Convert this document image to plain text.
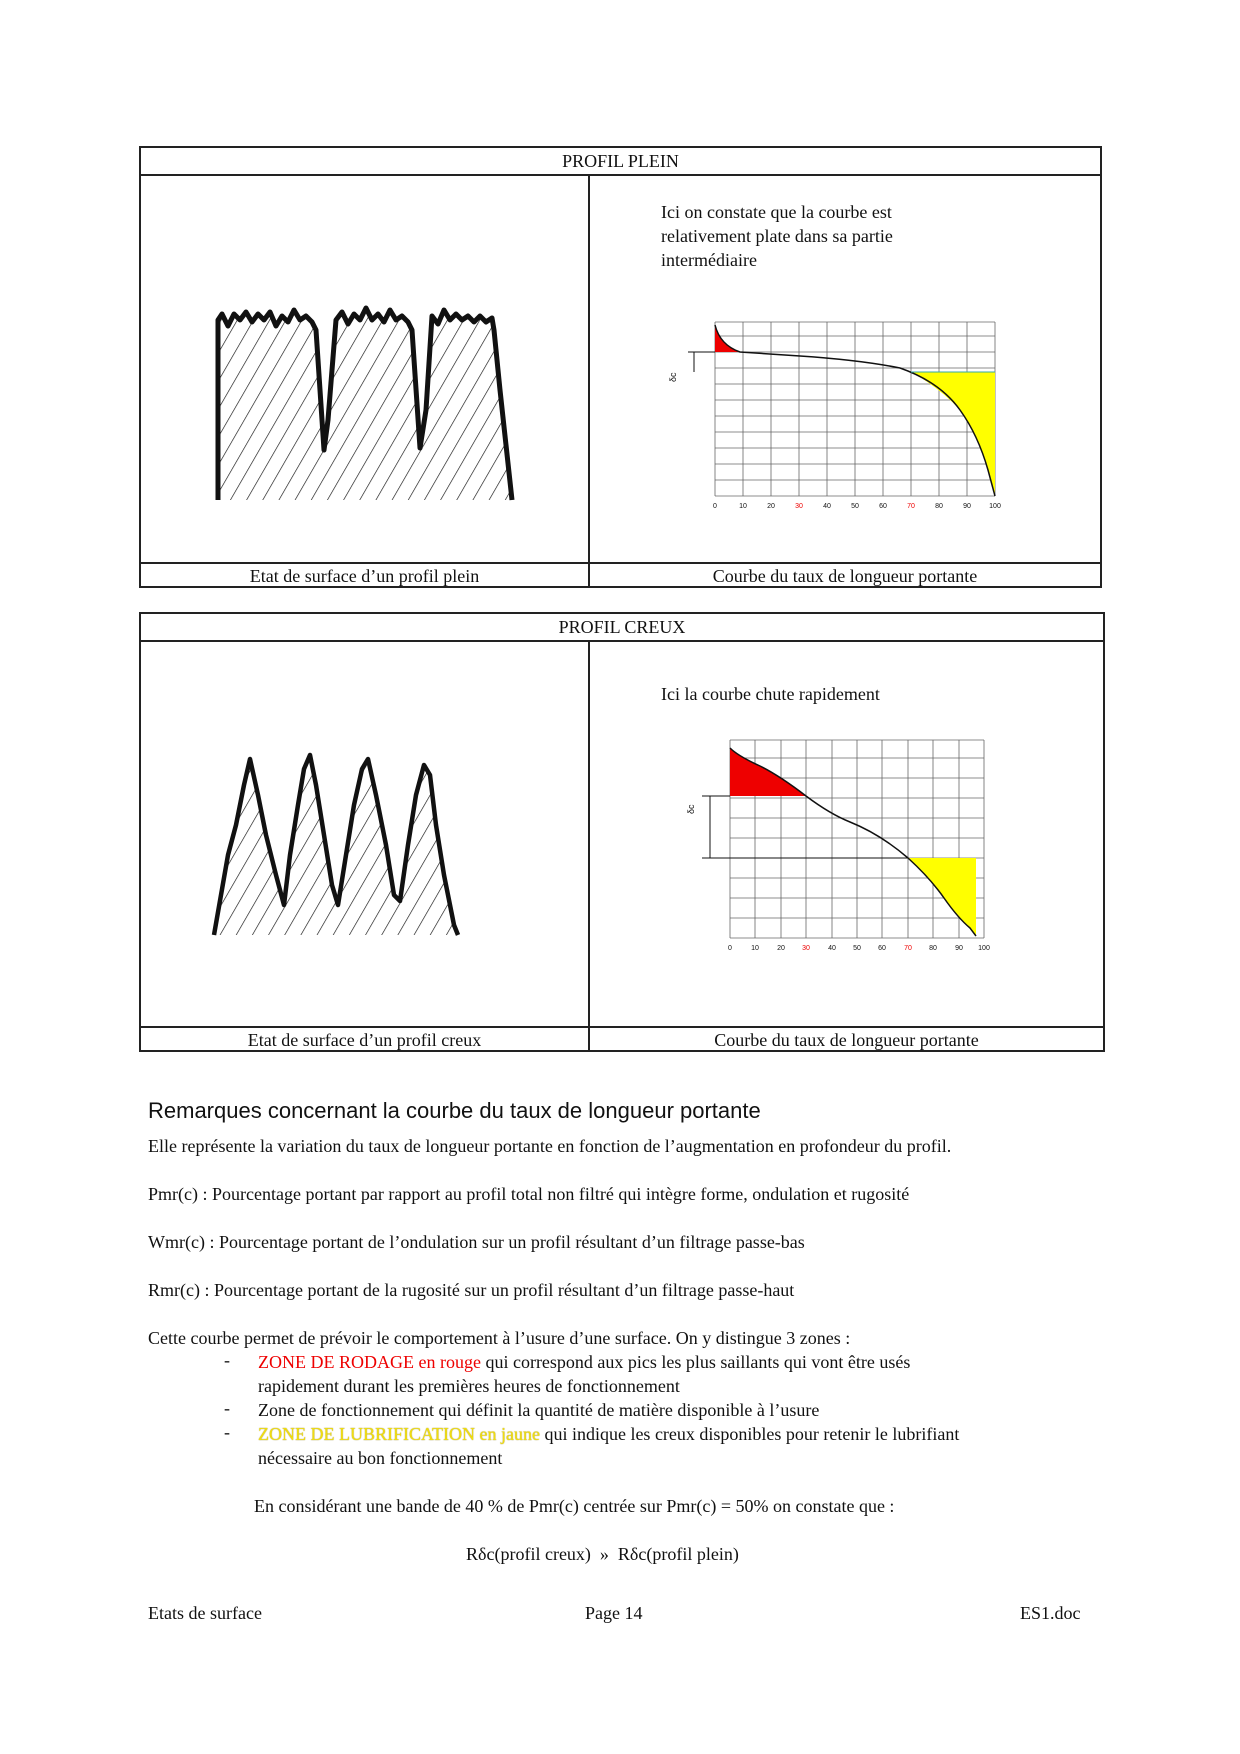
PROFIL PLEIN
Etat de surface d’un profil plein	Courbe du taux de longueur portante
Ici on constate que la courbe est relativement plate dans sa partie intermédiaire
δc
0	10	20	30	40	50	60	70	80	90	100
PROFIL CREUX
Etat de surface d’un profil creux	Courbe du taux de longueur portante
Ici la courbe chute rapidement
δc
0	10	20 30	40 50 60	70 80	90 100
Remarques concernant la courbe du taux de longueur portante
Elle représente la variation du taux de longueur portante en fonction de l’augmentation en profondeur du profil.
Pmr(c) : Pourcentage portant par rapport au profil total non filtré qui intègre forme, ondulation et rugosité
Wmr(c) : Pourcentage portant de l’ondulation sur un profil résultant d’un filtrage passe-bas
Rmr(c) : Pourcentage portant de la rugosité sur un profil résultant d’un filtrage passe-haut
Cette courbe permet de prévoir le comportement à l’usure d’une surface. On y distingue 3 zones :
- ZONE DE RODAGE en rouge qui correspond aux pics les plus saillants qui vont être usés
rapidement durant les premières heures de fonctionnement
- Zone de fonctionnement qui définit la quantité de matière disponible à l’usure
- ZONE DE LUBRIFICATION en jaune qui indique les creux disponibles pour retenir le lubrifiant
nécessaire au bon fonctionnement
En considérant une bande de 40 % de Pmr(c) centrée sur Pmr(c) = 50% on constate que :
Rδc(profil creux)  »  Rδc(profil plein)
Etats de surface	Page 14	ES1.doc
